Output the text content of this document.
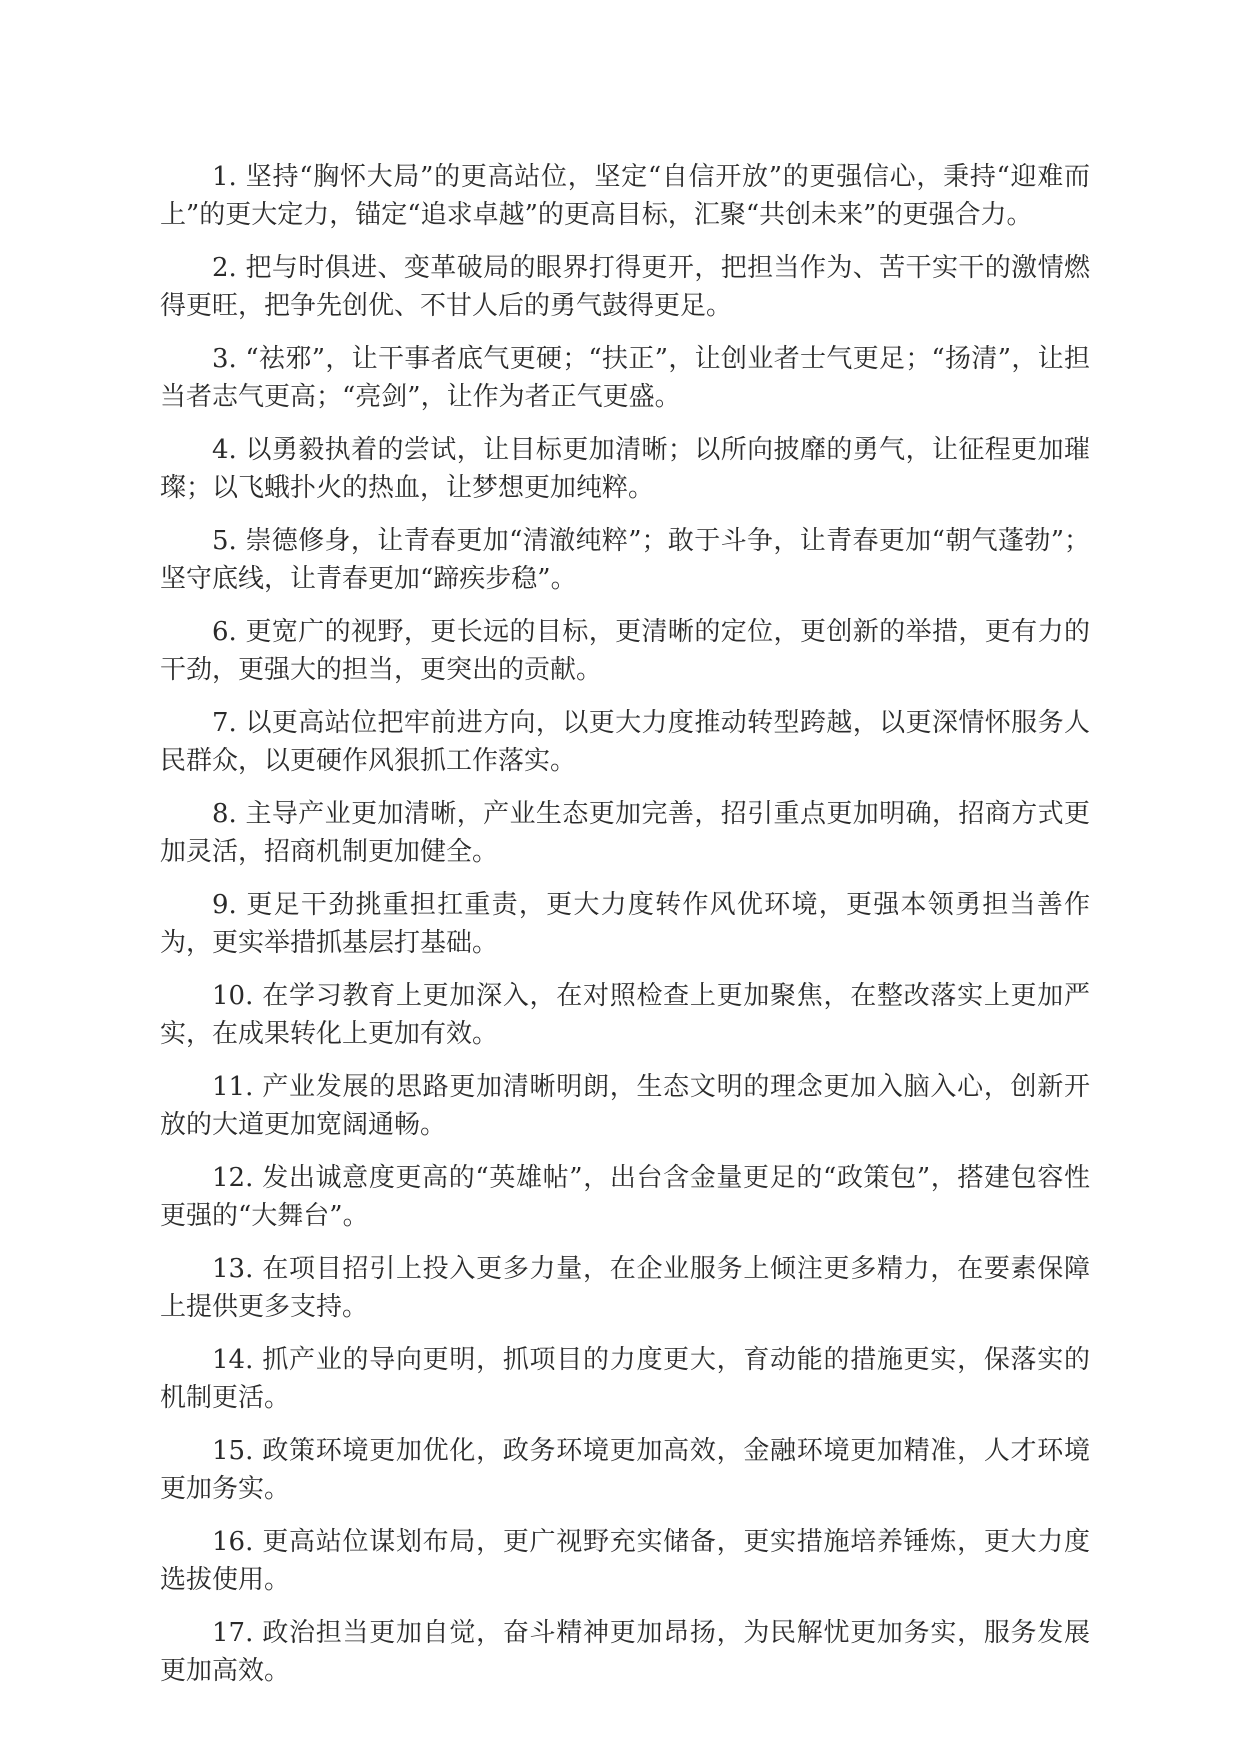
1. 坚持“胸怀大局”的更高站位，坚定“自信开放”的更强信心，秉持“迎难而上”的更大定力，锚定“追求卓越”的更高目标，汇聚“共创未来”的更强合力。

2. 把与时俱进、变革破局的眼界打得更开，把担当作为、苦干实干的激情燃得更旺，把争先创优、不甘人后的勇气鼓得更足。

3. “祛邪”，让干事者底气更硬；“扶正”，让创业者士气更足；“扬清”，让担当者志气更高；“亮剑”，让作为者正气更盛。

4. 以勇毅执着的尝试，让目标更加清晰；以所向披靡的勇气，让征程更加璀璨；以飞蛾扑火的热血，让梦想更加纯粹。

5. 崇德修身，让青春更加“清澈纯粹”；敢于斗争，让青春更加“朝气蓬勃”；坚守底线，让青春更加“蹄疾步稳”。

6. 更宽广的视野，更长远的目标，更清晰的定位，更创新的举措，更有力的干劲，更强大的担当，更突出的贡献。

7. 以更高站位把牢前进方向，以更大力度推动转型跨越，以更深情怀服务人民群众，以更硬作风狠抓工作落实。

8. 主导产业更加清晰，产业生态更加完善，招引重点更加明确，招商方式更加灵活，招商机制更加健全。

9. 更足干劲挑重担扛重责，更大力度转作风优环境，更强本领勇担当善作为，更实举措抓基层打基础。

10. 在学习教育上更加深入，在对照检查上更加聚焦，在整改落实上更加严实，在成果转化上更加有效。

11. 产业发展的思路更加清晰明朗，生态文明的理念更加入脑入心，创新开放的大道更加宽阔通畅。

12. 发出诚意度更高的“英雄帖”，出台含金量更足的“政策包”，搭建包容性更强的“大舞台”。

13. 在项目招引上投入更多力量，在企业服务上倾注更多精力，在要素保障上提供更多支持。

14. 抓产业的导向更明，抓项目的力度更大，育动能的措施更实，保落实的机制更活。

15. 政策环境更加优化，政务环境更加高效，金融环境更加精准，人才环境更加务实。

16. 更高站位谋划布局，更广视野充实储备，更实措施培养锤炼，更大力度选拔使用。

17. 政治担当更加自觉，奋斗精神更加昂扬，为民解忧更加务实，服务发展更加高效。
